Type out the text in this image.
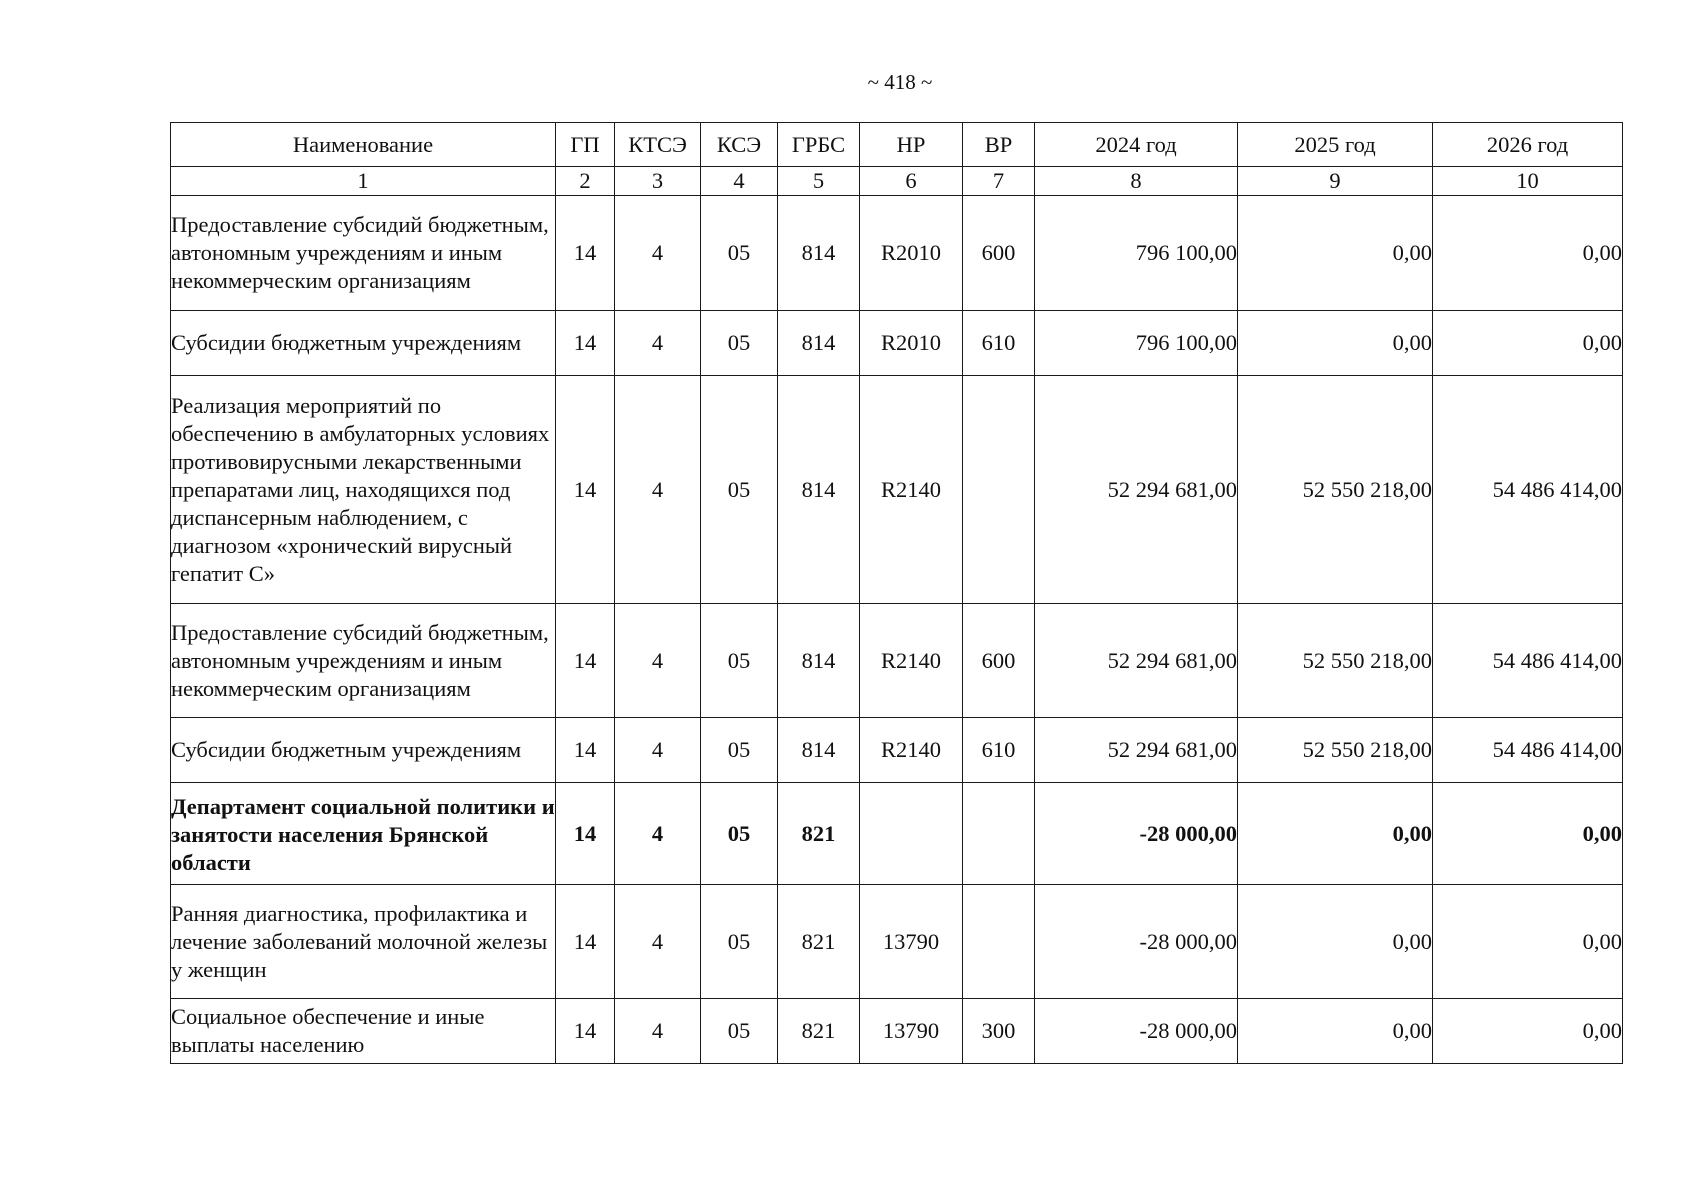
~ 418 ~
Наименование	ГП	КТСЭ	КСЭ	ГРБС	НР	ВР	2024 год	2025 год	2026 год
1	2	3	4	5	6	7	8	9	10
Предоставление субсидий бюджетным, автономным учреждениям и иным некоммерческим организациям	14	4	05	814	R2010	600	796 100,00	0,00	0,00
Субсидии бюджетным учреждениям	14	4	05	814	R2010	610	796 100,00	0,00	0,00
Реализация мероприятий по обеспечению в амбулаторных условиях противовирусными лекарственными препаратами лиц, находящихся под диспансерным наблюдением, с диагнозом «хронический вирусный гепатит С»	14	4	05	814	R2140		52 294 681,00	52 550 218,00	54 486 414,00
Предоставление субсидий бюджетным, автономным учреждениям и иным некоммерческим организациям	14	4	05	814	R2140	600	52 294 681,00	52 550 218,00	54 486 414,00
Субсидии бюджетным учреждениям	14	4	05	814	R2140	610	52 294 681,00	52 550 218,00	54 486 414,00
Департамент социальной политики и занятости населения Брянской области	14	4	05	821			-28 000,00	0,00	0,00
Ранняя диагностика, профилактика и лечение заболеваний молочной железы у женщин	14	4	05	821	13790		-28 000,00	0,00	0,00
Социальное обеспечение и иные выплаты населению	14	4	05	821	13790	300	-28 000,00	0,00	0,00
